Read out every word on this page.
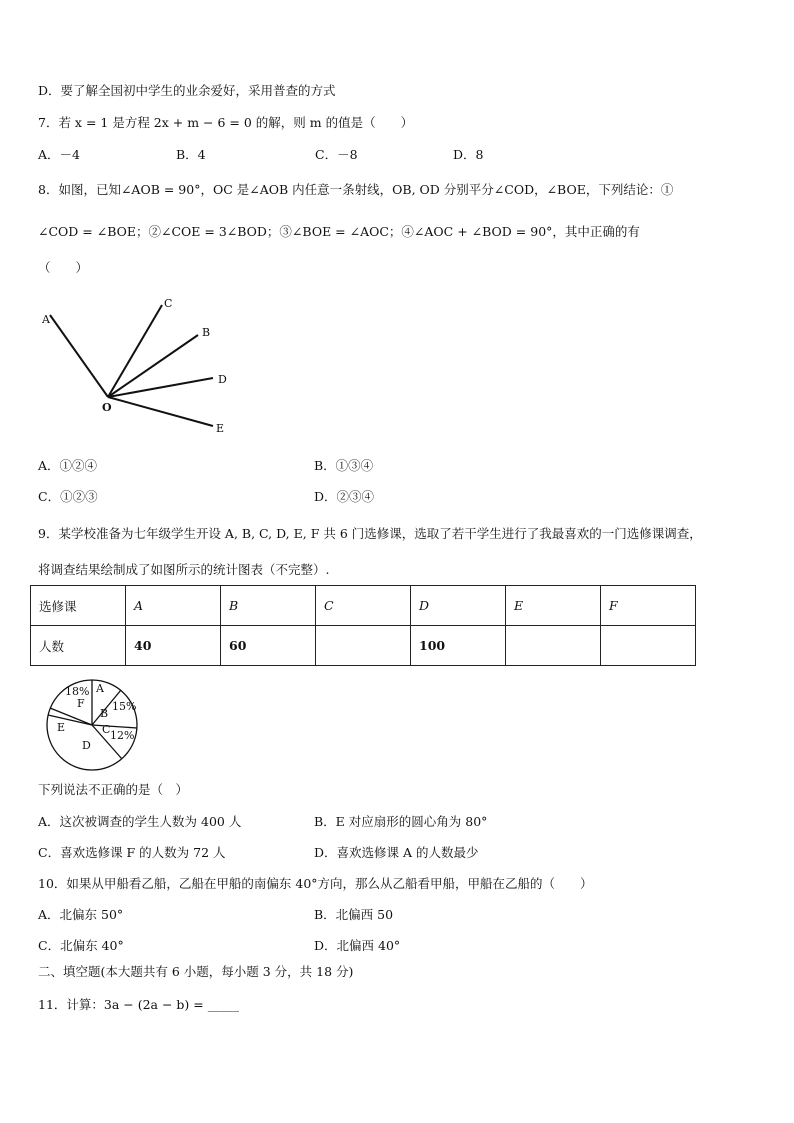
D．要了解全国初中学生的业余爱好，采用普查的方式
7．若 x = 1 是方程 2x + m − 6 = 0 的解，则 m 的值是（　　）
A．－4	B．4	C．－8	D．8
8．如图，已知∠AOB = 90°，OC 是∠AOB 内任意一条射线，OB, OD 分别平分∠COD，∠BOE，下列结论：①
∠COD = ∠BOE；②∠COE = 3∠BOD；③∠BOE = ∠AOC；④∠AOC + ∠BOD = 90°，其中正确的有
（　　）
A
C
B
D
O
E
A．①②④	B．①③④
C．①②③	D．②③④
9．某学校准备为七年级学生开设 A, B, C, D, E, F 共 6 门选修课，选取了若干学生进行了我最喜欢的一门选修课调查，
将调查结果绘制成了如图所示的统计图表（不完整）.
选修课	A	B	C	D	E	F
人数	40	60		100		
18% A
F
B
15%
E	C 12%
D
下列说法不正确的是（　）
A．这次被调查的学生人数为 400 人	B．E 对应扇形的圆心角为 80°
C．喜欢选修课 F 的人数为 72 人	D．喜欢选修课 A 的人数最少
10．如果从甲船看乙船，乙船在甲船的南偏东 40°方向，那么从乙船看甲船，甲船在乙船的（　　）
A．北偏东 50°	B．北偏西 50
C．北偏东 40°	D．北偏西 40°
二、填空题(本大题共有 6 小题，每小题 3 分，共 18 分)
11．计算：3a − (2a − b) = _____
